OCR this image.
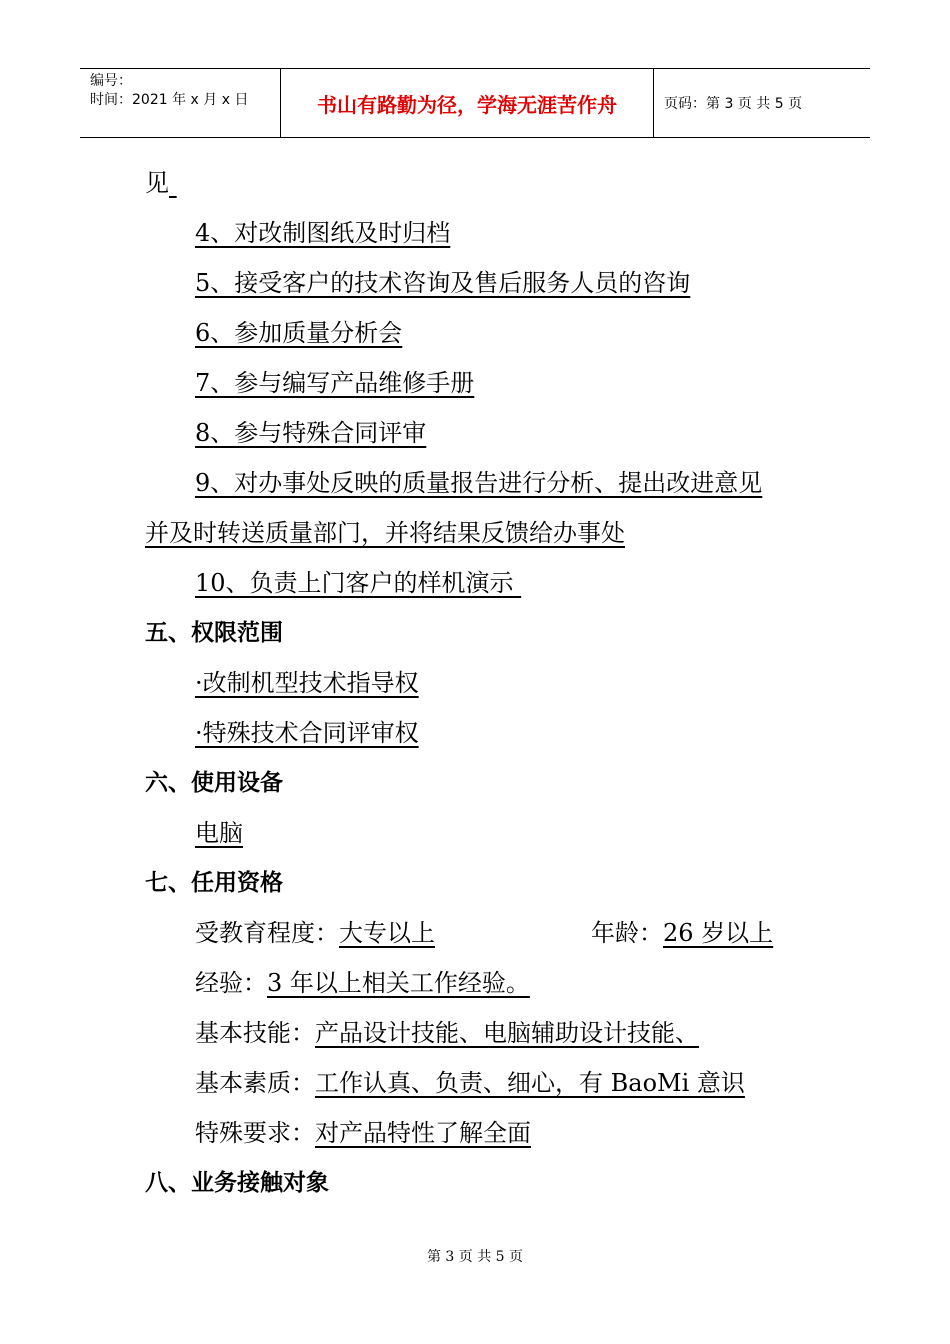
编号：
时间：2021 年 x 月 x 日	书山有路勤为径，学海无涯苦作舟	页码：第 3 页 共 5 页
见
4、对改制图纸及时归档
5、接受客户的技术咨询及售后服务人员的咨询
6、参加质量分析会
7、参与编写产品维修手册
8、参与特殊合同评审
9、对办事处反映的质量报告进行分析、提出改进意见
并及时转送质量部门，并将结果反馈给办事处
10、负责上门客户的样机演示
五、权限范围
·改制机型技术指导权
·特殊技术合同评审权
六、使用设备
电脑
七、任用资格
受教育程度：大专以上	年龄：26 岁以上
经验：3 年以上相关工作经验。
基本技能：产品设计技能、电脑辅助设计技能、
基本素质：工作认真、负责、细心，有 BaoMi 意识
特殊要求：对产品特性了解全面
八、业务接触对象
第 3 页 共 5 页
